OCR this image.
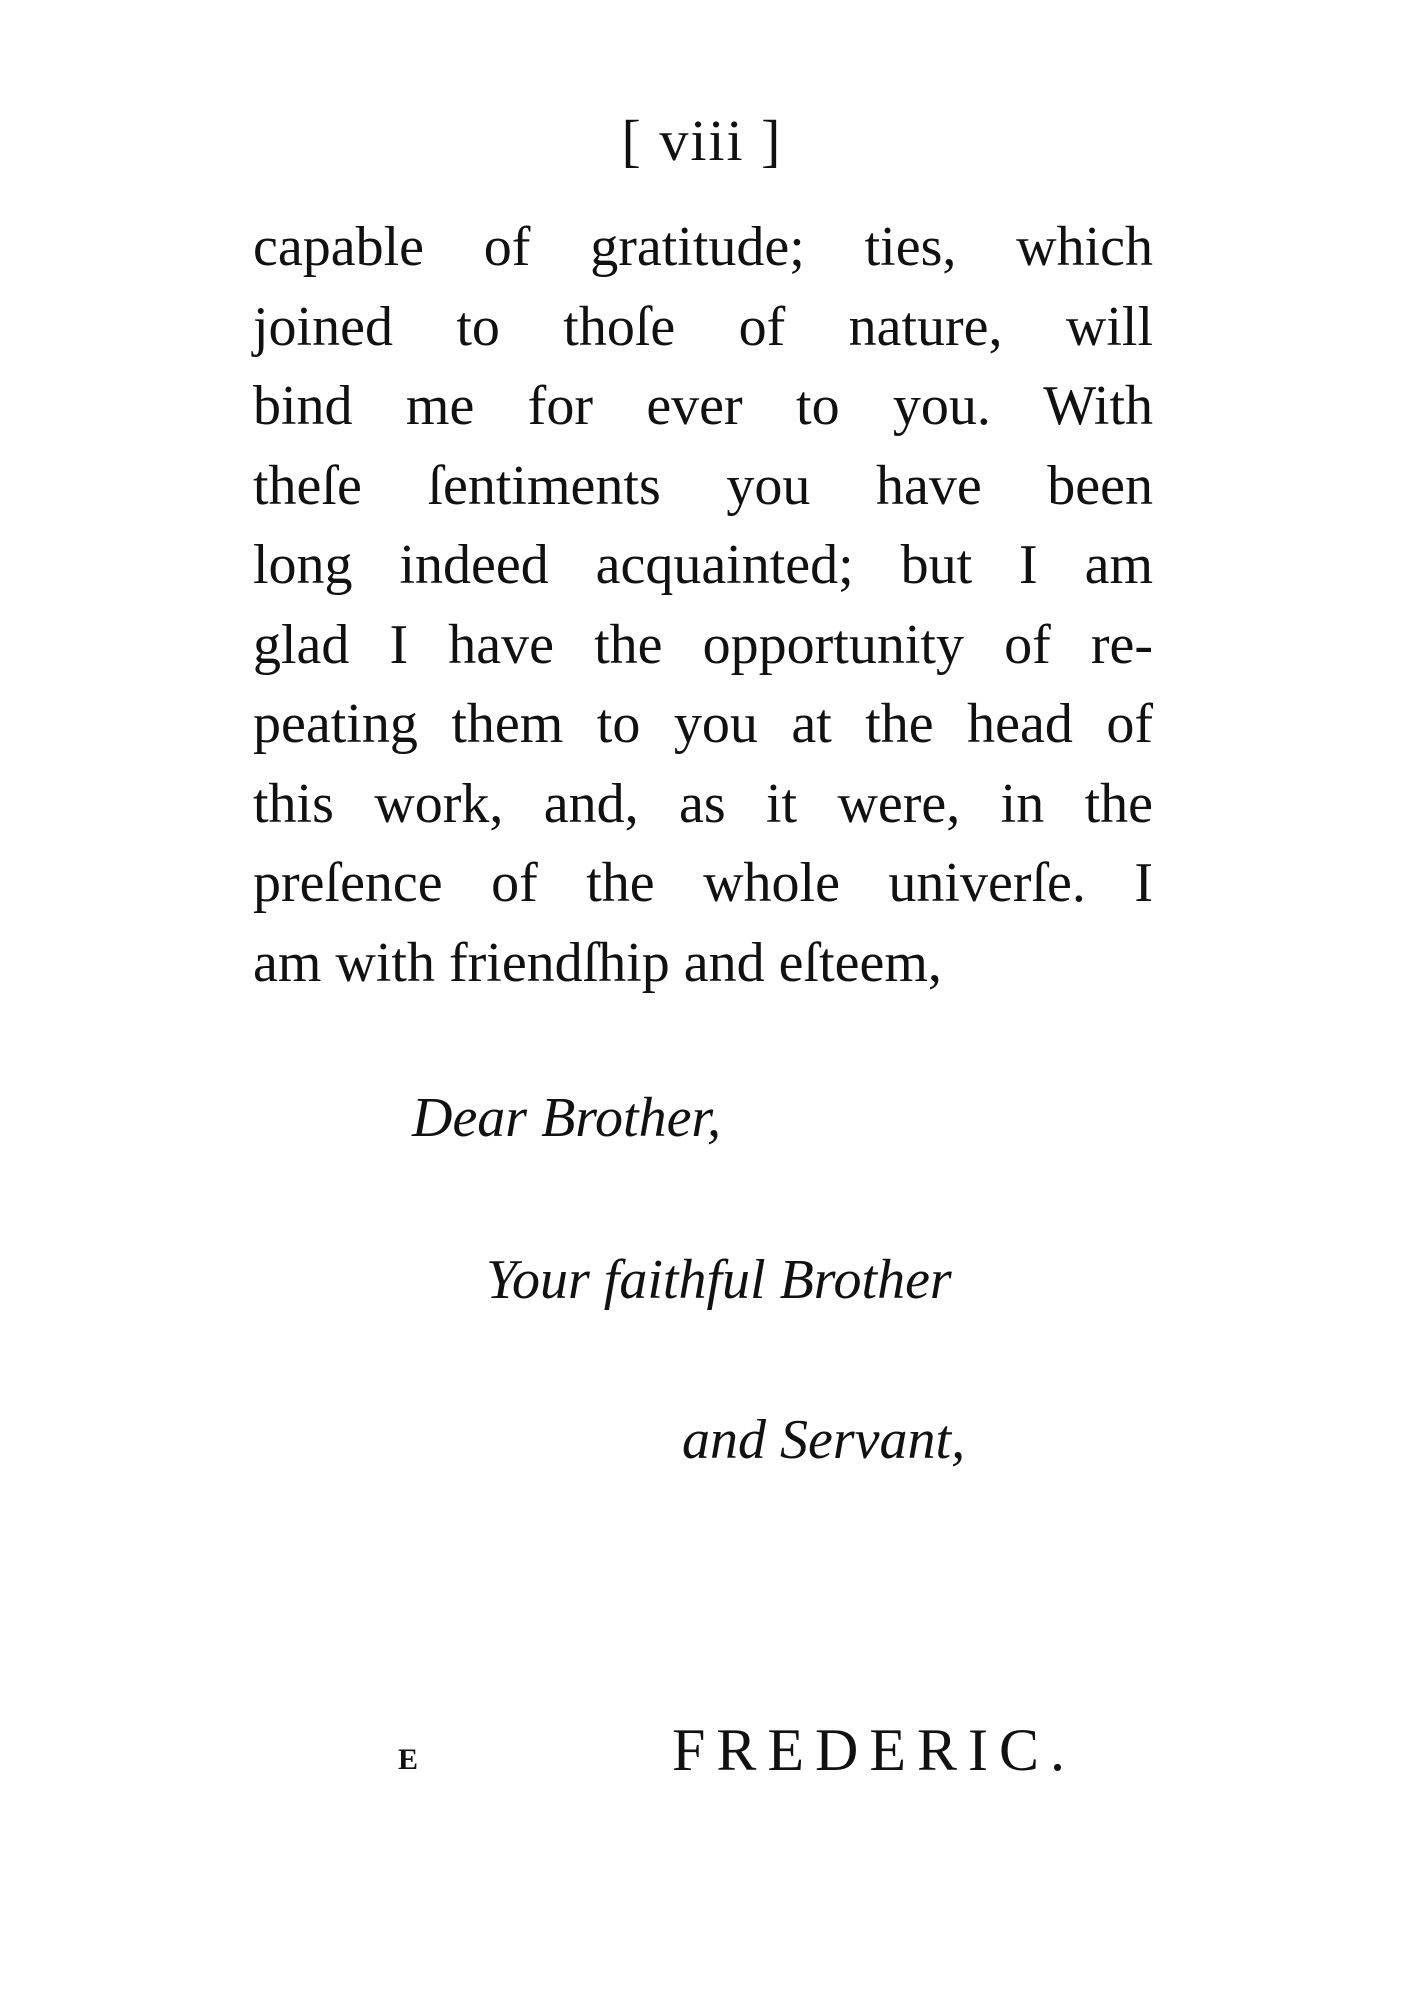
[ viii ]
capable of gratitude; ties, which
joined to thoſe of nature, will
bind me for ever to you. With
theſe ſentiments you have been
long indeed acquainted; but I am
glad I have the opportunity of re-
peating them to you at the head of
this work, and, as it were, in the
preſence of the whole univerſe. I
am with friendſhip and eſteem,
Dear Brother,
Your faithful Brother
and Servant,
E	FREDERIC.
